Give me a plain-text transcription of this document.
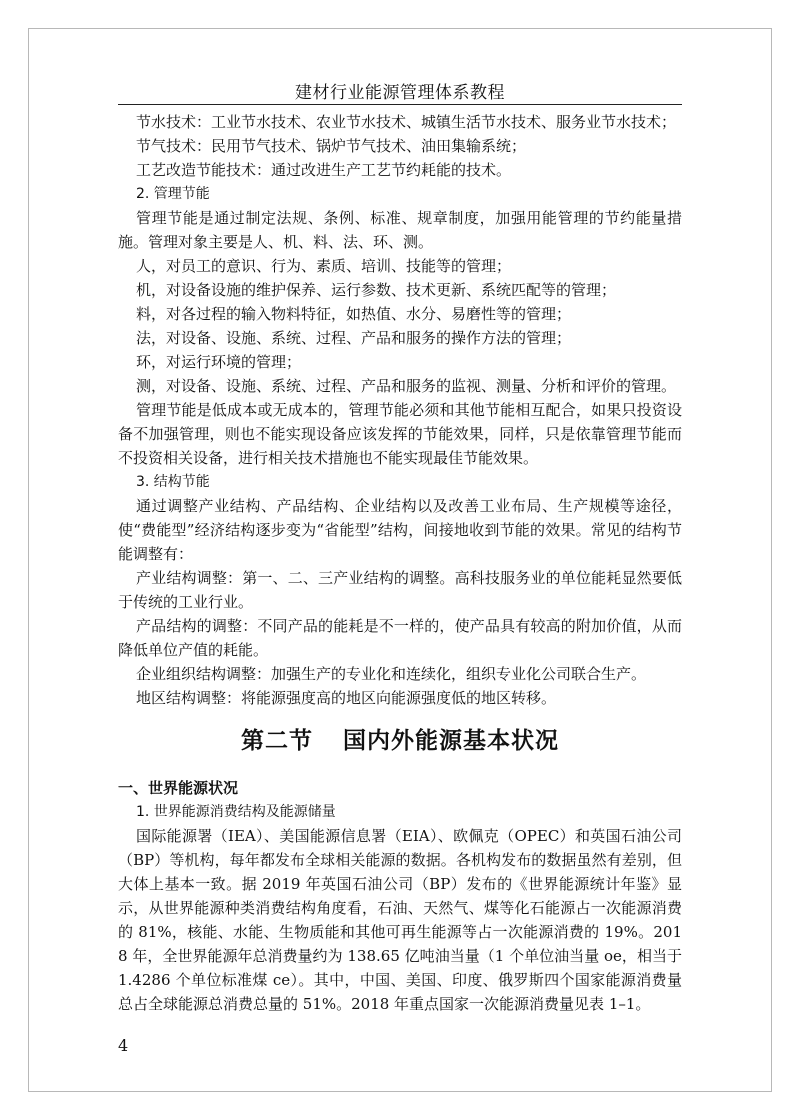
建材行业能源管理体系教程

节水技术：工业节水技术、农业节水技术、城镇生活节水技术、服务业节水技术；

节气技术：民用节气技术、锅炉节气技术、油田集输系统；

工艺改造节能技术：通过改进生产工艺节约耗能的技术。

2. 管理节能

管理节能是通过制定法规、条例、标准、规章制度，加强用能管理的节约能量措施。管理对象主要是人、机、料、法、环、测。

人，对员工的意识、行为、素质、培训、技能等的管理；

机，对设备设施的维护保养、运行参数、技术更新、系统匹配等的管理；

料，对各过程的输入物料特征，如热值、水分、易磨性等的管理；

法，对设备、设施、系统、过程、产品和服务的操作方法的管理；

环，对运行环境的管理；

测，对设备、设施、系统、过程、产品和服务的监视、测量、分析和评价的管理。

管理节能是低成本或无成本的，管理节能必须和其他节能相互配合，如果只投资设备不加强管理，则也不能实现设备应该发挥的节能效果，同样，只是依靠管理节能而不投资相关设备，进行相关技术措施也不能实现最佳节能效果。

3. 结构节能

通过调整产业结构、产品结构、企业结构以及改善工业布局、生产规模等途径，使“费能型”经济结构逐步变为“省能型”结构，间接地收到节能的效果。常见的结构节能调整有：

产业结构调整：第一、二、三产业结构的调整。高科技服务业的单位能耗显然要低于传统的工业行业。

产品结构的调整：不同产品的能耗是不一样的，使产品具有较高的附加价值，从而降低单位产值的耗能。

企业组织结构调整：加强生产的专业化和连续化，组织专业化公司联合生产。

地区结构调整：将能源强度高的地区向能源强度低的地区转移。

第二节 国内外能源基本状况

一、世界能源状况

1. 世界能源消费结构及能源储量

国际能源署（IEA）、美国能源信息署（EIA）、欧佩克（OPEC）和英国石油公司（BP）等机构，每年都发布全球相关能源的数据。各机构发布的数据虽然有差别，但大体上基本一致。据 2019 年英国石油公司（BP）发布的《世界能源统计年鉴》显示，从世界能源种类消费结构角度看，石油、天然气、煤等化石能源占一次能源消费的 81%，核能、水能、生物质能和其他可再生能源等占一次能源消费的 19%。2018 年，全世界能源年总消费量约为 138.65 亿吨油当量（1 个单位油当量 oe，相当于 1.4286 个单位标准煤 ce）。其中，中国、美国、印度、俄罗斯四个国家能源消费量总占全球能源总消费总量的 51%。2018 年重点国家一次能源消费量见表 1–1。

4
